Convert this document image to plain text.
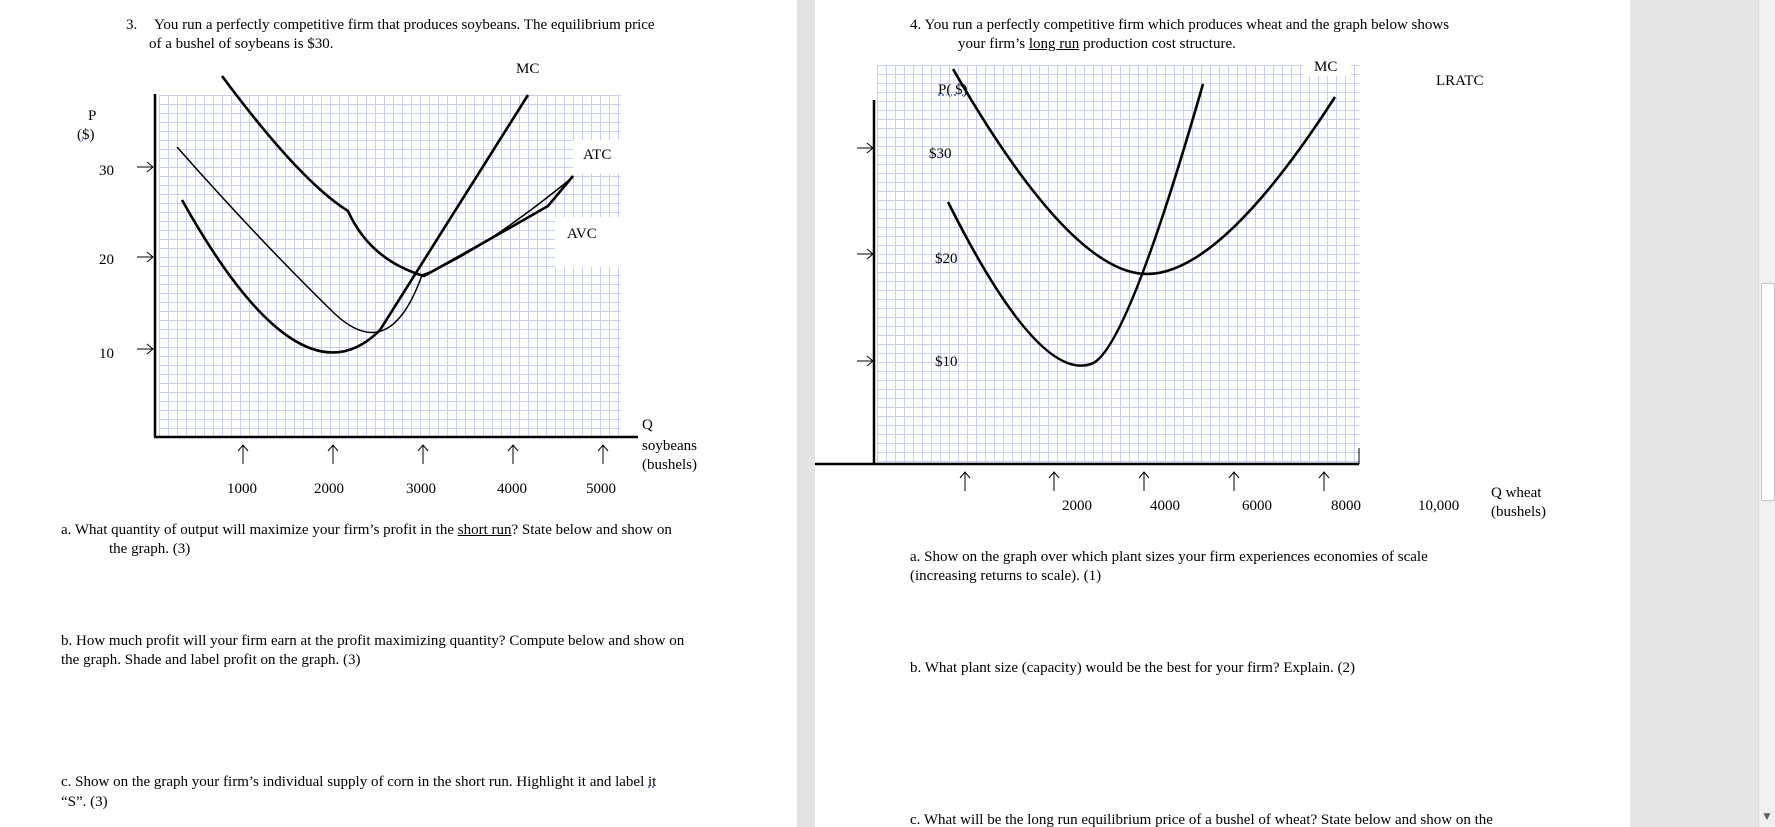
3. You run a perfectly competitive firm that produces soybeans. The equilibrium price
of a bushel of soybeans is $30.
P
($)
30
20
10
1000	2000	3000	4000	5000
Q
soybeans
(bushels)
MC
ATC
AVC
a. What quantity of output will maximize your firm’s profit in the short run? State below and show on
the graph. (3)
b. How much profit will your firm earn at the profit maximizing quantity? Compute below and show on
the graph. Shade and label profit on the graph. (3)
c. Show on the graph your firm’s individual supply of corn in the short run. Highlight it and label it
“S”. (3)
4. You run a perfectly competitive firm which produces wheat and the graph below shows
your firm’s long run production cost structure.
P( $)
$30
$20
$10
2000	4000	6000	8000	10,000
Q wheat
(bushels)
MC
LRATC
a. Show on the graph over which plant sizes your firm experiences economies of scale
(increasing returns to scale). (1)
b. What plant size (capacity) would be the best for your firm? Explain. (2)
c. What will be the long run equilibrium price of a bushel of wheat? State below and show on the	▼
